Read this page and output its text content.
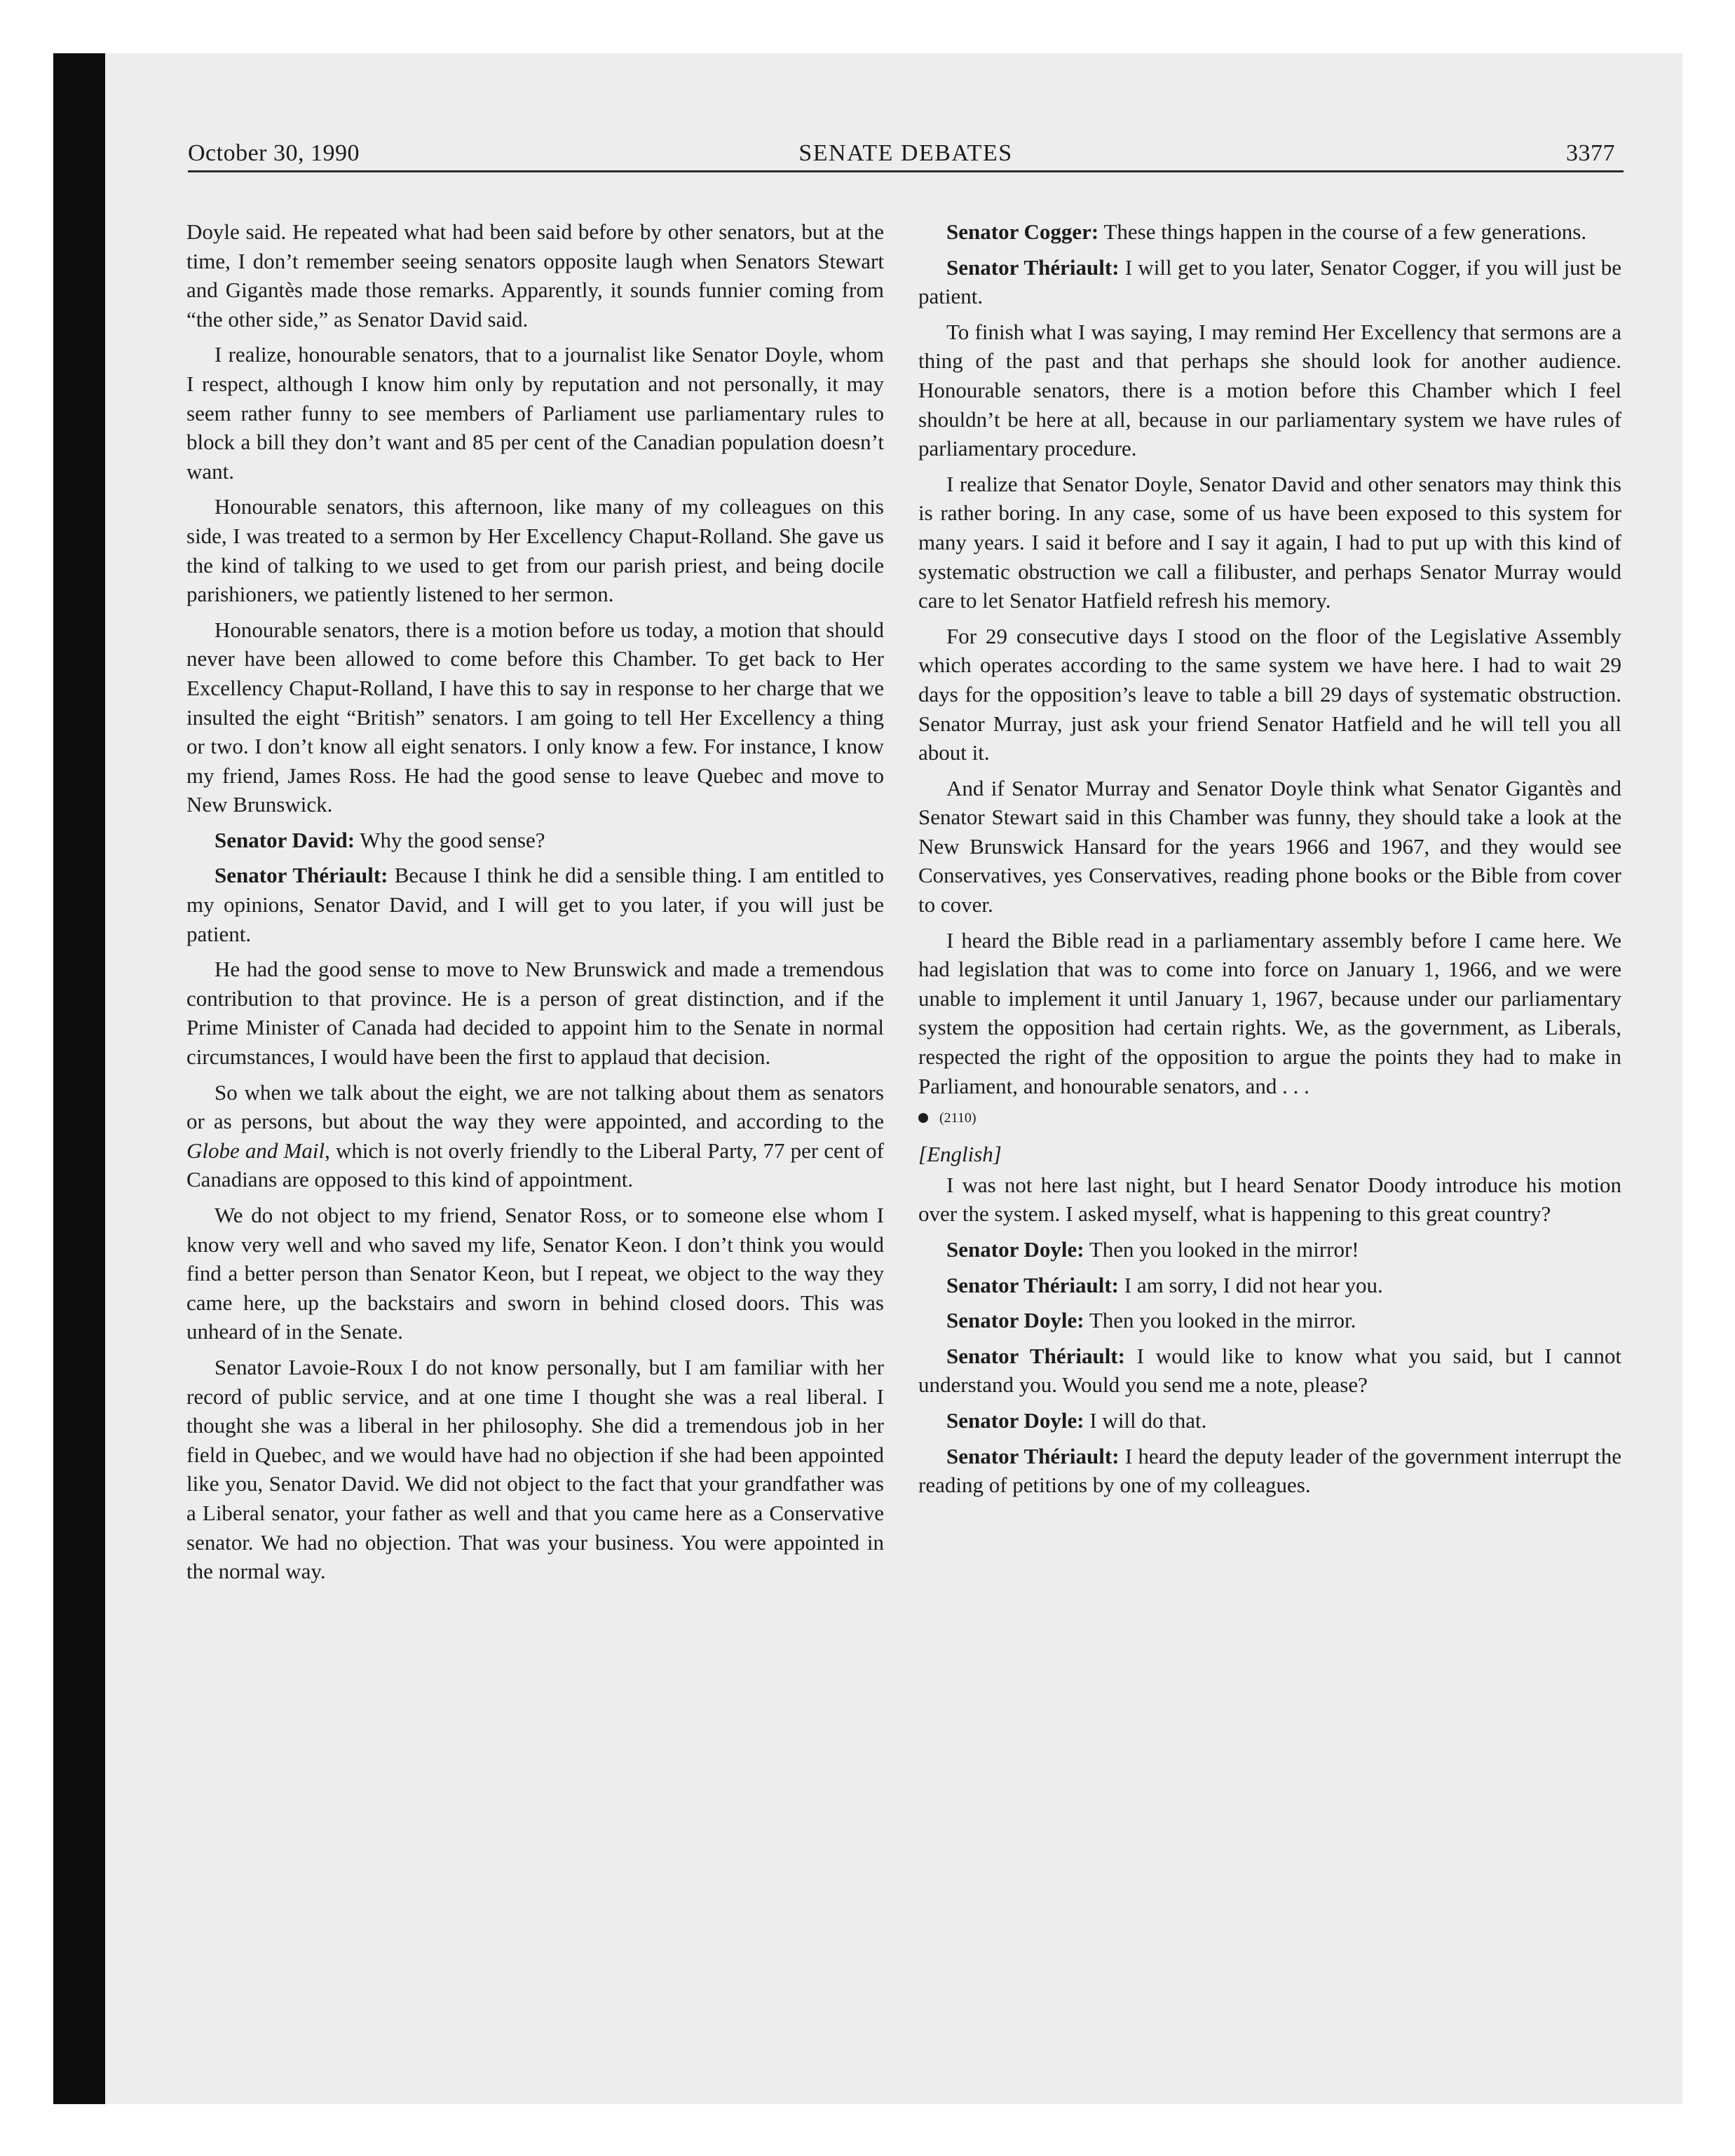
October 30, 1990	SENATE DEBATES	3377

Doyle said. He repeated what had been said before by other senators, but at the time, I don’t remember seeing senators opposite laugh when Senators Stewart and Gigantès made those remarks. Apparently, it sounds funnier coming from “the other side,” as Senator David said.

I realize, honourable senators, that to a journalist like Senator Doyle, whom I respect, although I know him only by reputation and not personally, it may seem rather funny to see members of Parliament use parliamentary rules to block a bill they don’t want and 85 per cent of the Canadian population doesn’t want.

Honourable senators, this afternoon, like many of my colleagues on this side, I was treated to a sermon by Her Excellency Chaput-Rolland. She gave us the kind of talking to we used to get from our parish priest, and being docile parishioners, we patiently listened to her sermon.

Honourable senators, there is a motion before us today, a motion that should never have been allowed to come before this Chamber. To get back to Her Excellency Chaput-Rolland, I have this to say in response to her charge that we insulted the eight “British” senators. I am going to tell Her Excellency a thing or two. I don’t know all eight senators. I only know a few. For instance, I know my friend, James Ross. He had the good sense to leave Quebec and move to New Brunswick.

Senator David: Why the good sense?

Senator Thériault: Because I think he did a sensible thing. I am entitled to my opinions, Senator David, and I will get to you later, if you will just be patient.

He had the good sense to move to New Brunswick and made a tremendous contribution to that province. He is a person of great distinction, and if the Prime Minister of Canada had decided to appoint him to the Senate in normal circumstances, I would have been the first to applaud that decision.

So when we talk about the eight, we are not talking about them as senators or as persons, but about the way they were appointed, and according to the Globe and Mail, which is not overly friendly to the Liberal Party, 77 per cent of Canadians are opposed to this kind of appointment.

We do not object to my friend, Senator Ross, or to someone else whom I know very well and who saved my life, Senator Keon. I don’t think you would find a better person than Senator Keon, but I repeat, we object to the way they came here, up the backstairs and sworn in behind closed doors. This was unheard of in the Senate.

Senator Lavoie-Roux I do not know personally, but I am familiar with her record of public service, and at one time I thought she was a real liberal. I thought she was a liberal in her philosophy. She did a tremendous job in her field in Quebec, and we would have had no objection if she had been appointed like you, Senator David. We did not object to the fact that your grandfather was a Liberal senator, your father as well and that you came here as a Conservative senator. We had no objection. That was your business. You were appointed in the normal way.

Senator Cogger: These things happen in the course of a few generations.

Senator Thériault: I will get to you later, Senator Cogger, if you will just be patient.

To finish what I was saying, I may remind Her Excellency that sermons are a thing of the past and that perhaps she should look for another audience. Honourable senators, there is a motion before this Chamber which I feel shouldn’t be here at all, because in our parliamentary system we have rules of parliamentary procedure.

I realize that Senator Doyle, Senator David and other senators may think this is rather boring. In any case, some of us have been exposed to this system for many years. I said it before and I say it again, I had to put up with this kind of systematic obstruction we call a filibuster, and perhaps Senator Murray would care to let Senator Hatfield refresh his memory.

For 29 consecutive days I stood on the floor of the Legislative Assembly which operates according to the same system we have here. I had to wait 29 days for the opposition’s leave to table a bill 29 days of systematic obstruction. Senator Murray, just ask your friend Senator Hatfield and he will tell you all about it.

And if Senator Murray and Senator Doyle think what Senator Gigantès and Senator Stewart said in this Chamber was funny, they should take a look at the New Brunswick Hansard for the years 1966 and 1967, and they would see Conservatives, yes Conservatives, reading phone books or the Bible from cover to cover.

I heard the Bible read in a parliamentary assembly before I came here. We had legislation that was to come into force on January 1, 1966, and we were unable to implement it until January 1, 1967, because under our parliamentary system the opposition had certain rights. We, as the government, as Liberals, respected the right of the opposition to argue the points they had to make in Parliament, and honourable senators, and . . .

(2110)
[English]

I was not here last night, but I heard Senator Doody introduce his motion over the system. I asked myself, what is happening to this great country?

Senator Doyle: Then you looked in the mirror!

Senator Thériault: I am sorry, I did not hear you.

Senator Doyle: Then you looked in the mirror.

Senator Thériault: I would like to know what you said, but I cannot understand you. Would you send me a note, please?

Senator Doyle: I will do that.

Senator Thériault: I heard the deputy leader of the government interrupt the reading of petitions by one of my colleagues.
